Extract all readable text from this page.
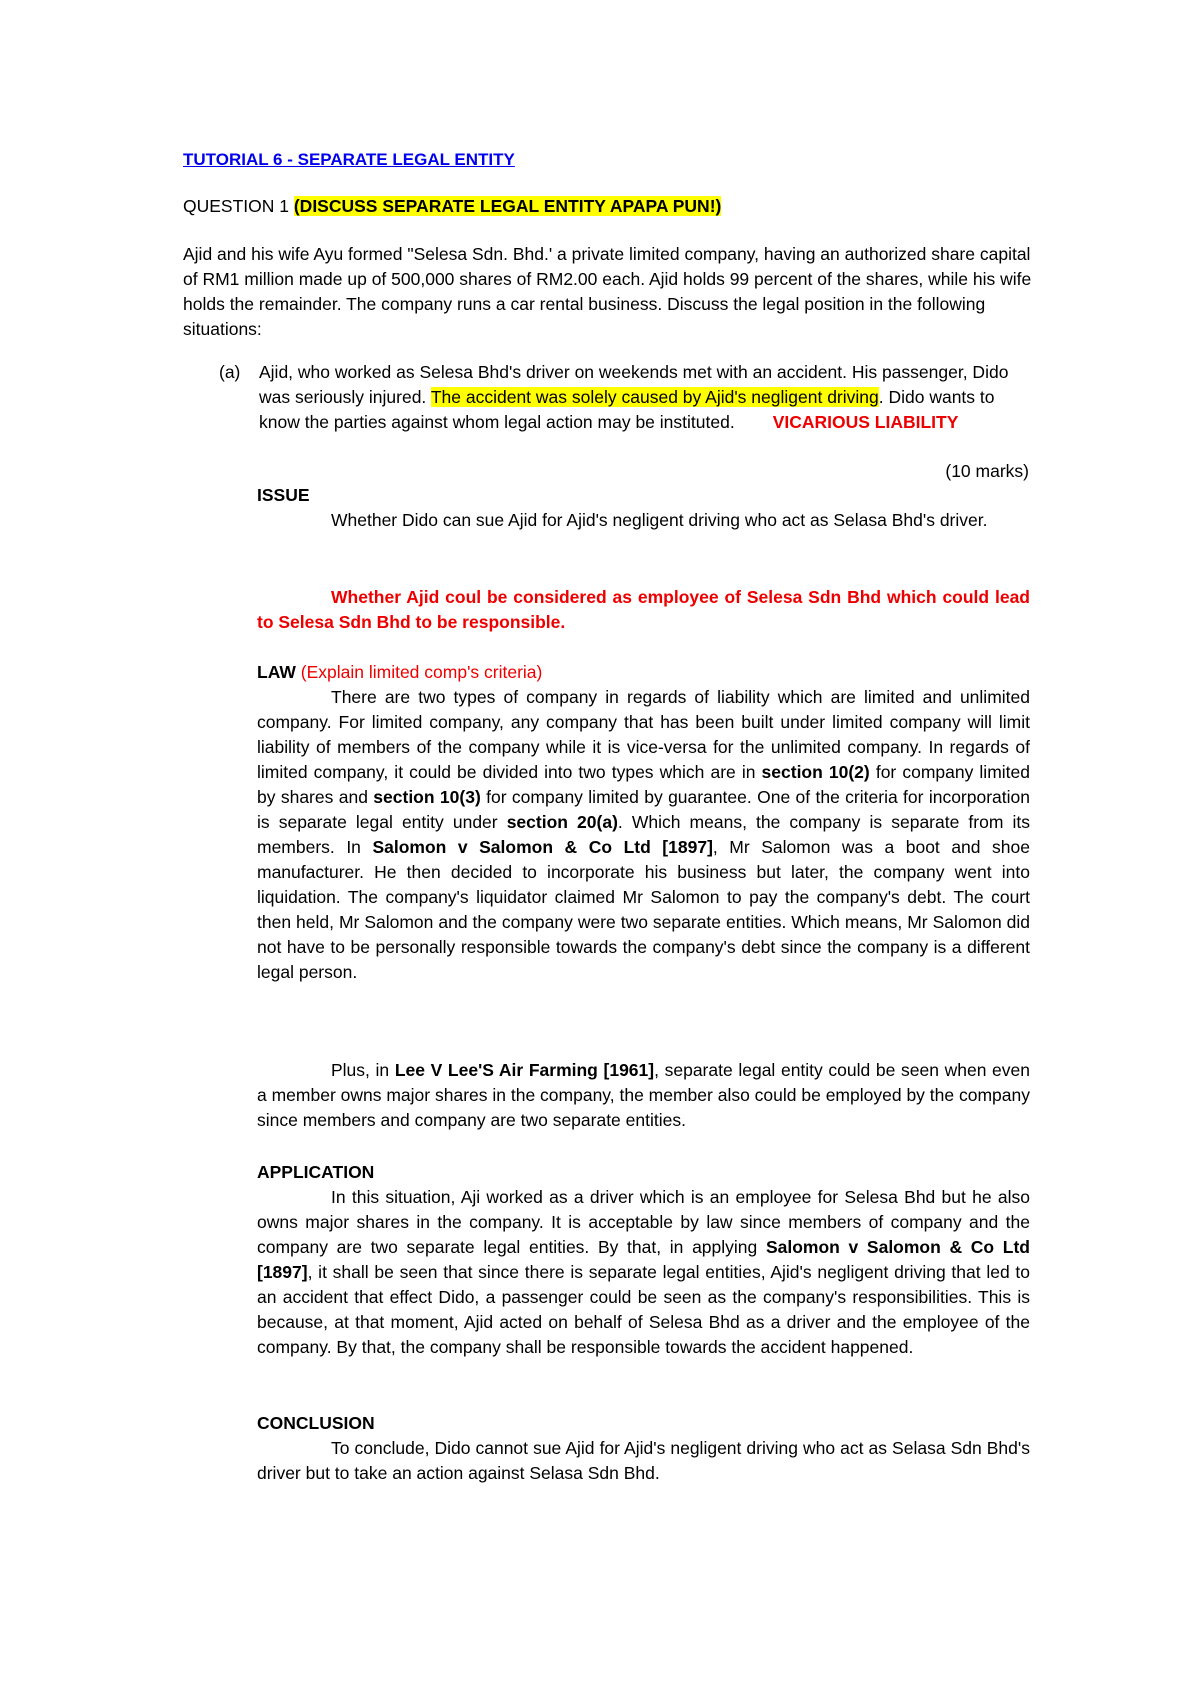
TUTORIAL 6 - SEPARATE LEGAL ENTITY
QUESTION 1 (DISCUSS SEPARATE LEGAL ENTITY APAPA PUN!)

Ajid and his wife Ayu formed "Selesa Sdn. Bhd.' a private limited company, having an authorized share capital of RM1 million made up of 500,000 shares of RM2.00 each. Ajid holds 99 percent of the shares, while his wife holds the remainder. The company runs a car rental business. Discuss the legal position in the following situations:

(a) Ajid, who worked as Selesa Bhd's driver on weekends met with an accident. His passenger, Dido was seriously injured. The accident was solely caused by Ajid's negligent driving. Dido wants to know the parties against whom legal action may be instituted. VICARIOUS LIABILITY

(10 marks)

ISSUE

Whether Dido can sue Ajid for Ajid's negligent driving who act as Selasa Bhd's driver.

Whether Ajid coul be considered as employee of Selesa Sdn Bhd which could lead to Selesa Sdn Bhd to be responsible.

LAW (Explain limited comp's criteria)

There are two types of company in regards of liability which are limited and unlimited company. For limited company, any company that has been built under limited company will limit liability of members of the company while it is vice-versa for the unlimited company. In regards of limited company, it could be divided into two types which are in section 10(2) for company limited by shares and section 10(3) for company limited by guarantee. One of the criteria for incorporation is separate legal entity under section 20(a). Which means, the company is separate from its members. In Salomon v Salomon & Co Ltd [1897], Mr Salomon was a boot and shoe manufacturer. He then decided to incorporate his business but later, the company went into liquidation. The company's liquidator claimed Mr Salomon to pay the company's debt. The court then held, Mr Salomon and the company were two separate entities. Which means, Mr Salomon did not have to be personally responsible towards the company's debt since the company is a different legal person.

Plus, in Lee V Lee'S Air Farming [1961], separate legal entity could be seen when even a member owns major shares in the company, the member also could be employed by the company since members and company are two separate entities.

APPLICATION

In this situation, Aji worked as a driver which is an employee for Selesa Bhd but he also owns major shares in the company. It is acceptable by law since members of company and the company are two separate legal entities. By that, in applying Salomon v Salomon & Co Ltd [1897], it shall be seen that since there is separate legal entities, Ajid's negligent driving that led to an accident that effect Dido, a passenger could be seen as the company's responsibilities. This is because, at that moment, Ajid acted on behalf of Selesa Bhd as a driver and the employee of the company. By that, the company shall be responsible towards the accident happened.

CONCLUSION

To conclude, Dido cannot sue Ajid for Ajid's negligent driving who act as Selasa Sdn Bhd's driver but to take an action against Selasa Sdn Bhd.
